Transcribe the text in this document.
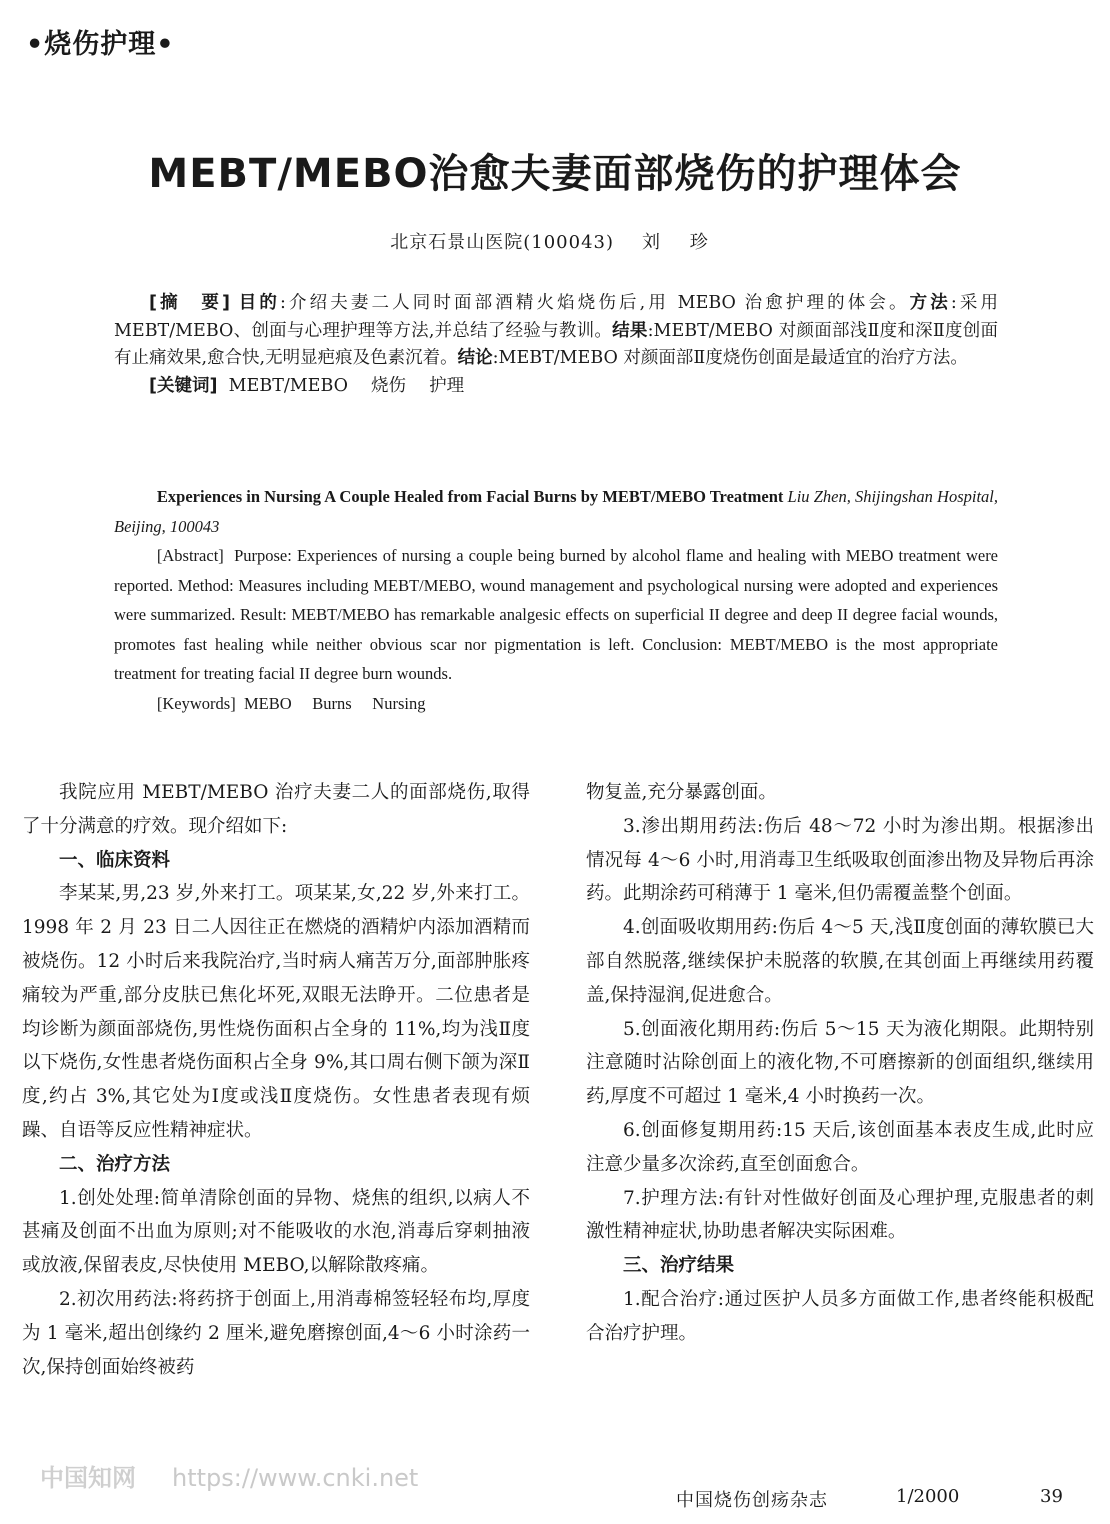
•烧伤护理•
MEBT/MEBO治愈夫妻面部烧伤的护理体会
北京石景山医院(100043) 刘 珍

[摘　要] 目的:介绍夫妻二人同时面部酒精火焰烧伤后,用 MEBO 治愈护理的体会。方法:采用 MEBT/MEBO、创面与心理护理等方法,并总结了经验与教训。结果:MEBT/MEBO 对颜面部浅Ⅱ度和深Ⅱ度创面有止痛效果,愈合快,无明显疤痕及色素沉着。结论:MEBT/MEBO 对颜面部Ⅱ度烧伤创面是最适宜的治疗方法。

[关键词] MEBT/MEBO　 烧伤　 护理

Experiences in Nursing A Couple Healed from Facial Burns by MEBT/MEBO Treatment Liu Zhen, Shijingshan Hospital, Beijing, 100043

[Abstract] Purpose: Experiences of nursing a couple being burned by alcohol flame and healing with MEBO treatment were reported. Method: Measures including MEBT/MEBO, wound management and psychological nursing were adopted and experiences were summarized. Result: MEBT/MEBO has remarkable analgesic effects on superficial II degree and deep II degree facial wounds, promotes fast healing while neither obvious scar nor pigmentation is left. Conclusion: MEBT/MEBO is the most appropriate treatment for treating facial II degree burn wounds.

[Keywords] MEBO　 Burns　 Nursing

我院应用 MEBT/MEBO 治疗夫妻二人的面部烧伤,取得了十分满意的疗效。现介绍如下:

一、临床资料

李某某,男,23 岁,外来打工。项某某,女,22 岁,外来打工。1998 年 2 月 23 日二人因往正在燃烧的酒精炉内添加酒精而被烧伤。12 小时后来我院治疗,当时病人痛苦万分,面部肿胀疼痛较为严重,部分皮肤已焦化坏死,双眼无法睁开。二位患者是均诊断为颜面部烧伤,男性烧伤面积占全身的 11%,均为浅Ⅱ度以下烧伤,女性患者烧伤面积占全身 9%,其口周右侧下颌为深Ⅱ度,约占 3%,其它处为Ⅰ度或浅Ⅱ度烧伤。女性患者表现有烦躁、自语等反应性精神症状。

二、治疗方法

1.创处处理:简单清除创面的异物、烧焦的组织,以病人不甚痛及创面不出血为原则;对不能吸收的水泡,消毒后穿刺抽液或放液,保留表皮,尽快使用 MEBO,以解除散疼痛。

2.初次用药法:将药挤于创面上,用消毒棉签轻轻布均,厚度为 1 毫米,超出创缘约 2 厘米,避免磨擦创面,4～6 小时涂药一次,保持创面始终被药

物复盖,充分暴露创面。

3.渗出期用药法:伤后 48～72 小时为渗出期。根据渗出情况每 4～6 小时,用消毒卫生纸吸取创面渗出物及异物后再涂药。此期涂药可稍薄于 1 毫米,但仍需覆盖整个创面。

4.创面吸收期用药:伤后 4～5 天,浅Ⅱ度创面的薄软膜已大部自然脱落,继续保护未脱落的软膜,在其创面上再继续用药覆盖,保持湿润,促进愈合。

5.创面液化期用药:伤后 5～15 天为液化期限。此期特别注意随时沾除创面上的液化物,不可磨擦新的创面组织,继续用药,厚度不可超过 1 毫米,4 小时换药一次。

6.创面修复期用药:15 天后,该创面基本表皮生成,此时应注意少量多次涂药,直至创面愈合。

7.护理方法:有针对性做好创面及心理护理,克服患者的刺激性精神症状,协助患者解决实际困难。

三、治疗结果

1.配合治疗:通过医护人员多方面做工作,患者终能积极配合治疗护理。

中国知网 https://www.cnki.net
中国烧伤创疡杂志	1/2000	39
